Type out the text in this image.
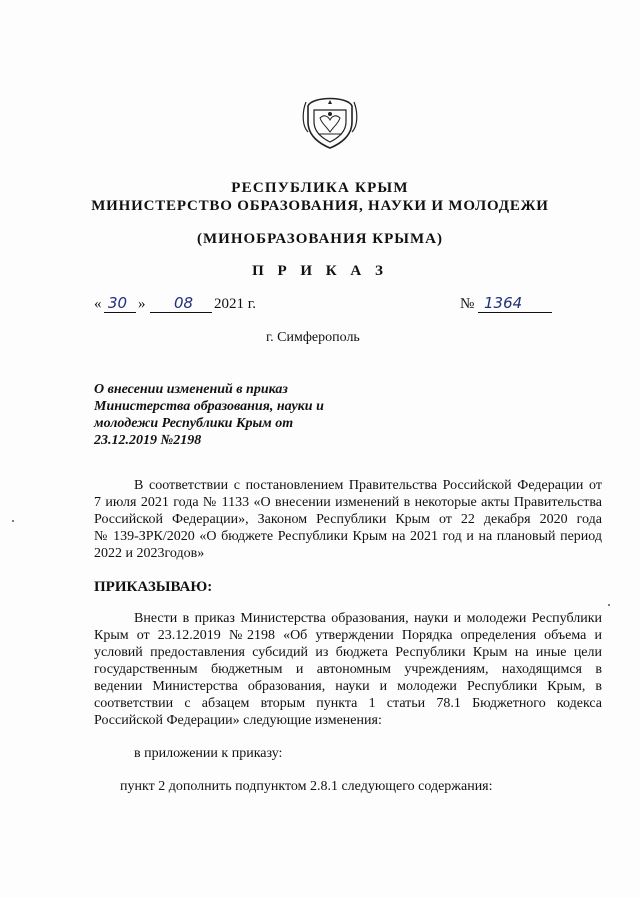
РЕСПУБЛИКА КРЫМ
МИНИСТЕРСТВО ОБРАЗОВАНИЯ, НАУКИ И МОЛОДЕЖИ
(МИНОБРАЗОВАНИЯ КРЫМА)
П Р И К А З
« 30 » 08 2021 г.	№ 1364
г. Симферополь
О внесении изменений в приказ
Министерства образования, науки и
молодежи Республики Крым от
23.12.2019 №2198
В соответствии с постановлением Правительства Российской Федерации от
7 июля 2021 года № 1133 «О внесении изменений в некоторые акты Правительства
Российской Федерации», Законом Республики Крым от 22 декабря 2020 года
№ 139-ЗРК/2020 «О бюджете Республики Крым на 2021 год и на плановый период
2022 и 2023годов»
ПРИКАЗЫВАЮ:
Внести в приказ Министерства образования, науки и молодежи Республики
Крым от 23.12.2019 №2198 «Об утверждении Порядка определения объема и
условий предоставления субсидий из бюджета Республики Крым на иные цели
государственным бюджетным и автономным учреждениям, находящимся в
ведении Министерства образования, науки и молодежи Республики Крым, в
соответствии с абзацем вторым пункта 1 статьи 78.1 Бюджетного кодекса
Российской Федерации» следующие изменения:
в приложении к приказу:
пункт 2 дополнить подпунктом 2.8.1 следующего содержания:
